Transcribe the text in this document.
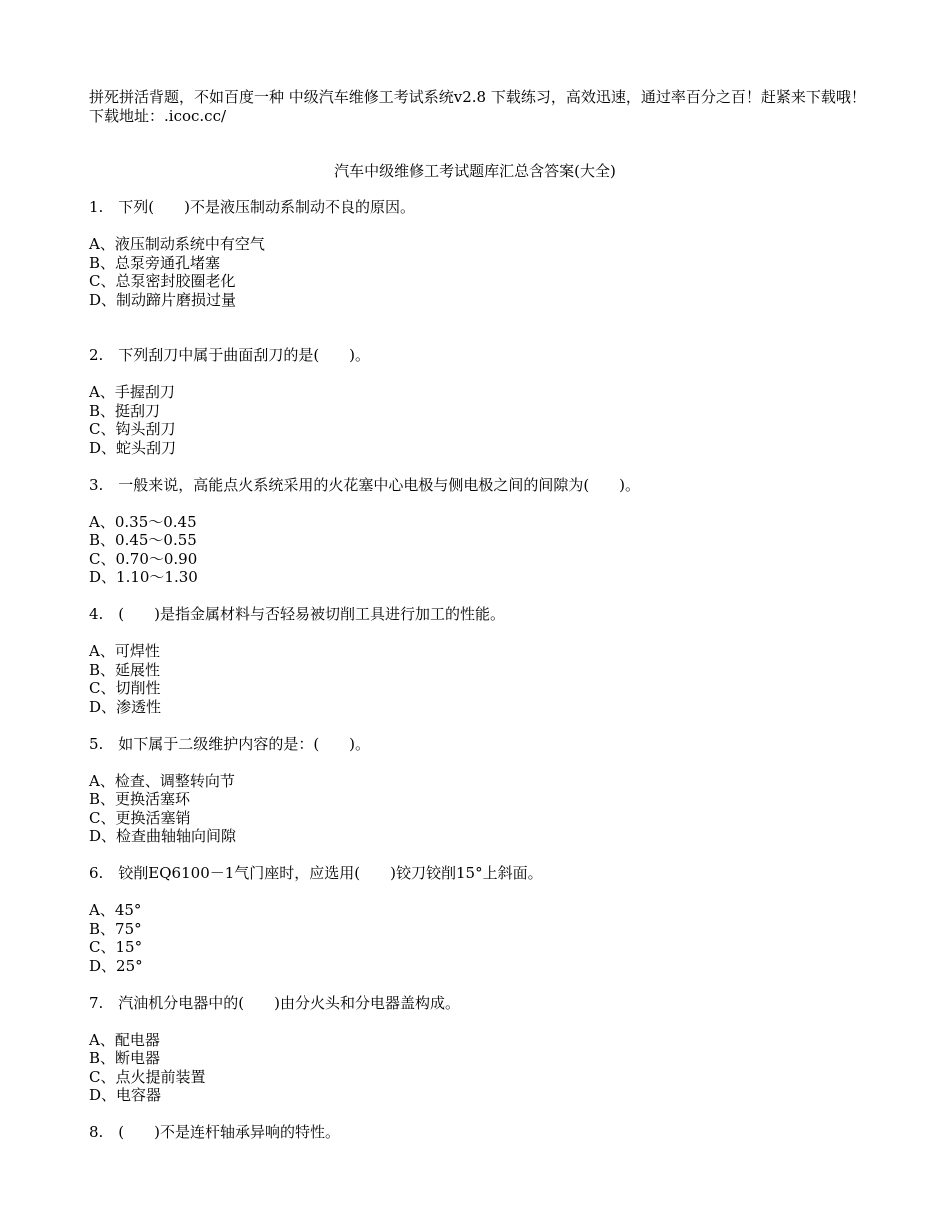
拼死拼活背题，不如百度一种 中级汽车维修工考试系统v2.8 下载练习，高效迅速，通过率百分之百！赶紧来下载哦！
下载地址：.icoc.cc/
汽车中级维修工考试题库汇总含答案(大全)
1.　下列(　　)不是液压制动系制动不良的原因。
A、液压制动系统中有空气
B、总泵旁通孔堵塞
C、总泵密封胶圈老化
D、制动蹄片磨损过量
2.　下列刮刀中属于曲面刮刀的是(　　)。
A、手握刮刀
B、挺刮刀
C、钩头刮刀
D、蛇头刮刀
3.　一般来说，高能点火系统采用的火花塞中心电极与侧电极之间的间隙为(　　)。
A、0.35～0.45
B、0.45～0.55
C、0.70～0.90
D、1.10～1.30
4.　(　　)是指金属材料与否轻易被切削工具进行加工的性能。
A、可焊性
B、延展性
C、切削性
D、渗透性
5.　如下属于二级维护内容的是：(　　)。
A、检查、调整转向节
B、更换活塞环
C、更换活塞销
D、检查曲轴轴向间隙
6.　铰削EQ6100－1气门座时，应选用(　　)铰刀铰削15°上斜面。
A、45°
B、75°
C、15°
D、25°
7.　汽油机分电器中的(　　)由分火头和分电器盖构成。
A、配电器
B、断电器
C、点火提前装置
D、电容器
8.　(　　)不是连杆轴承异响的特性。
